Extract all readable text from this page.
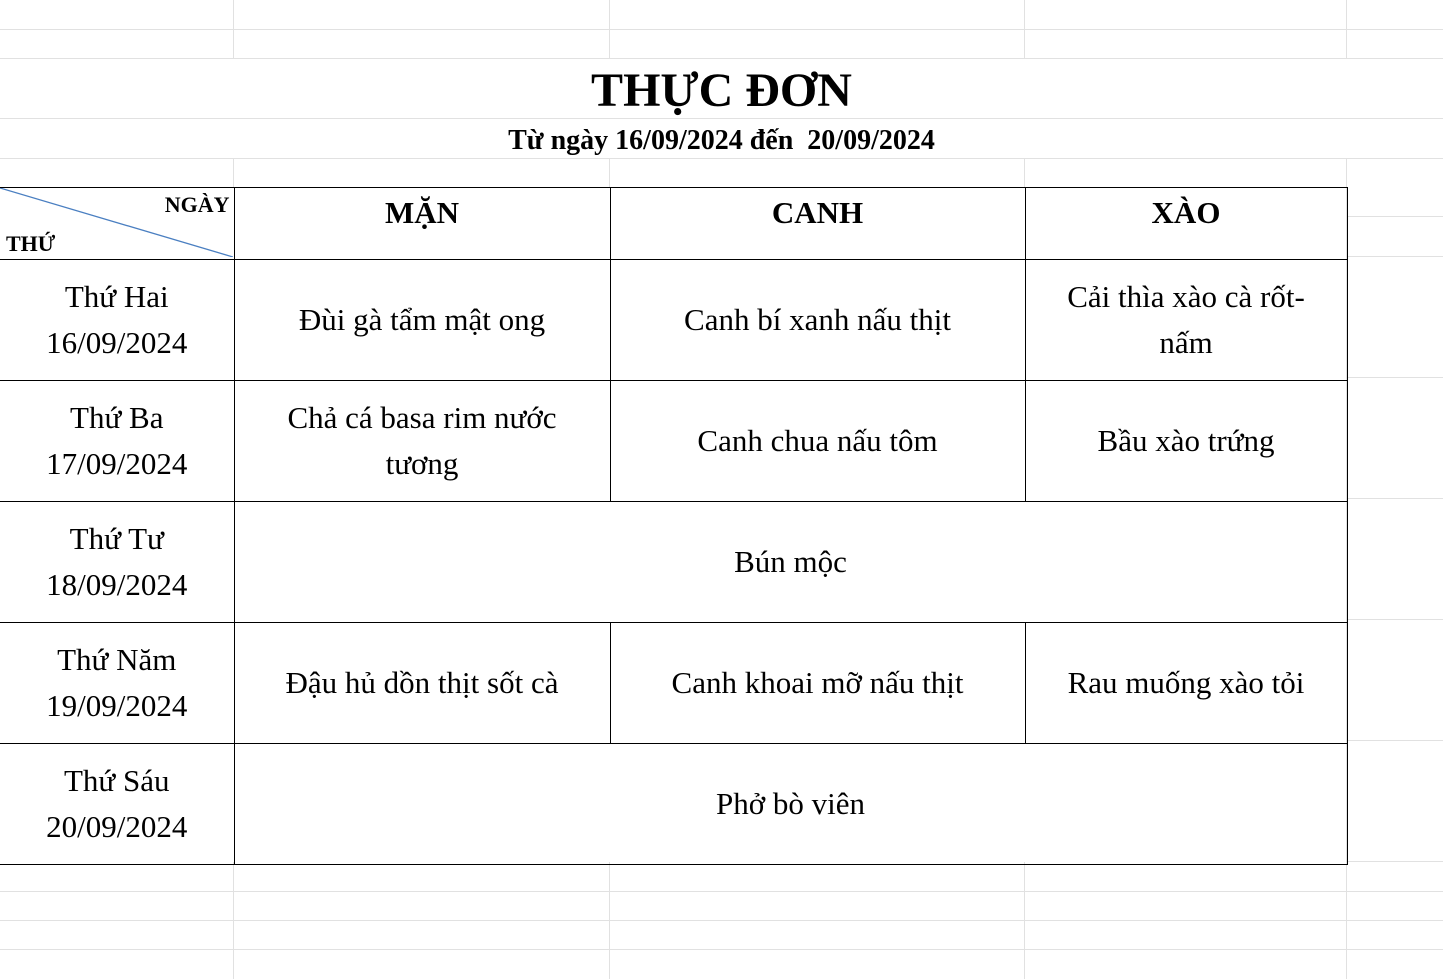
THỰC ĐƠN
Từ ngày 16/09/2024 đến  20/09/2024
NGÀY
THỨ	MẶN	CANH	XÀO

Thứ Hai
16/09/2024	Đùi gà tẩm mật ong	Canh bí xanh nấu thịt	Cải thìa xào cà rốt-nấm

Thứ Ba
17/09/2024	Chả cá basa rim nước tương	Canh chua nấu tôm	Bầu xào trứng

Thứ Tư
18/09/2024	Bún mộc		

Thứ Năm
19/09/2024	Đậu hủ dồn thịt sốt cà	Canh khoai mỡ nấu thịt	Rau muống xào tỏi

Thứ Sáu
20/09/2024	Phở bò viên		
